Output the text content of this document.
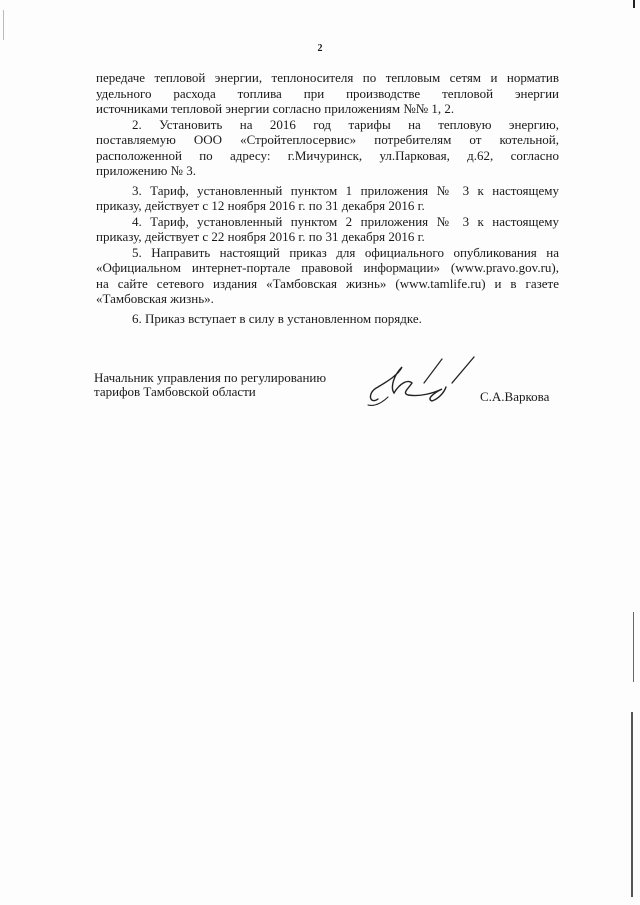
2

передаче тепловой энергии, теплоносителя по тепловым сетям и норматив
удельного расхода топлива при производстве тепловой энергии
источниками тепловой энергии согласно приложениям №№ 1, 2.

2. Установить на 2016 год тарифы на тепловую энергию,
поставляемую ООО «Стройтеплосервис» потребителям от котельной,
расположенной по адресу: г.Мичуринск, ул.Парковая, д.62, согласно
приложению № 3.

3. Тариф, установленный пунктом 1 приложения № 3 к настоящему
приказу, действует с 12 ноября 2016 г. по 31 декабря 2016 г.

4. Тариф, установленный пунктом 2 приложения № 3 к настоящему
приказу, действует с 22 ноября 2016 г. по 31 декабря 2016 г.

5. Направить настоящий приказ для официального опубликования на
«Официальном интернет-портале правовой информации» (www.pravo.gov.ru),
на сайте сетевого издания «Тамбовская жизнь» (www.tamlife.ru) и в газете
«Тамбовская жизнь».

6. Приказ вступает в силу в установленном порядке.

Начальник управления по регулированию
тарифов Тамбовской области	С.А.Варкова
